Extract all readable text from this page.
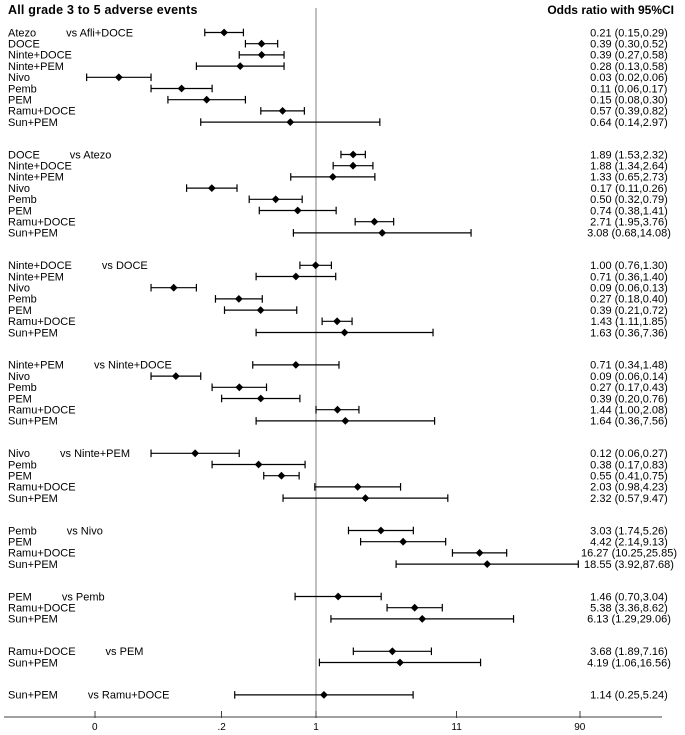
All grade 3 to 5 adverse events	Odds ratio with 95%CI
0	.2	1	11	90
Atezo	vs Afli+DOCE	0.21 (0.15,0.29)
DOCE	0.39 (0.30,0.52)
Ninte+DOCE	0.39 (0.27,0.58)
Ninte+PEM	0.28 (0.13,0.58)
Nivo	0.03 (0.02,0.06)
Pemb	0.11 (0.06,0.17)
PEM	0.15 (0.08,0.30)
Ramu+DOCE	0.57 (0.39,0.82)
Sun+PEM	0.64 (0.14,2.97)
DOCE	vs Atezo	1.89 (1.53,2.32)
Ninte+DOCE	1.88 (1.34,2.64)
Ninte+PEM	1.33 (0.65,2.73)
Nivo	0.17 (0.11,0.26)
Pemb	0.50 (0.32,0.79)
PEM	0.74 (0.38,1.41)
Ramu+DOCE	2.71 (1.95,3.76)
Sun+PEM	3.08 (0.68,14.08)
Ninte+DOCE	vs DOCE	1.00 (0.76,1.30)
Ninte+PEM	0.71 (0.36,1.40)
Nivo	0.09 (0.06,0.13)
Pemb	0.27 (0.18,0.40)
PEM	0.39 (0.21,0.72)
Ramu+DOCE	1.43 (1.11,1.85)
Sun+PEM	1.63 (0.36,7.36)
Ninte+PEM	vs Ninte+DOCE	0.71 (0.34,1.48)
Nivo	0.09 (0.06,0.14)
Pemb	0.27 (0.17,0.43)
PEM	0.39 (0.20,0.76)
Ramu+DOCE	1.44 (1.00,2.08)
Sun+PEM	1.64 (0.36,7.56)
Nivo	vs Ninte+PEM	0.12 (0.06,0.27)
Pemb	0.38 (0.17,0.83)
PEM	0.55 (0.41,0.75)
Ramu+DOCE	2.03 (0.98,4.23)
Sun+PEM	2.32 (0.57,9.47)
Pemb	vs Nivo	3.03 (1.74,5.26)
PEM	4.42 (2.14,9.13)
Ramu+DOCE	16.27 (10.25,25.85)
Sun+PEM	18.55 (3.92,87.68)
PEM	vs Pemb	1.46 (0.70,3.04)
Ramu+DOCE	5.38 (3.36,8.62)
Sun+PEM	6.13 (1.29,29.06)
Ramu+DOCE	vs PEM	3.68 (1.89,7.16)
Sun+PEM	4.19 (1.06,16.56)
Sun+PEM	vs Ramu+DOCE	1.14 (0.25,5.24)
